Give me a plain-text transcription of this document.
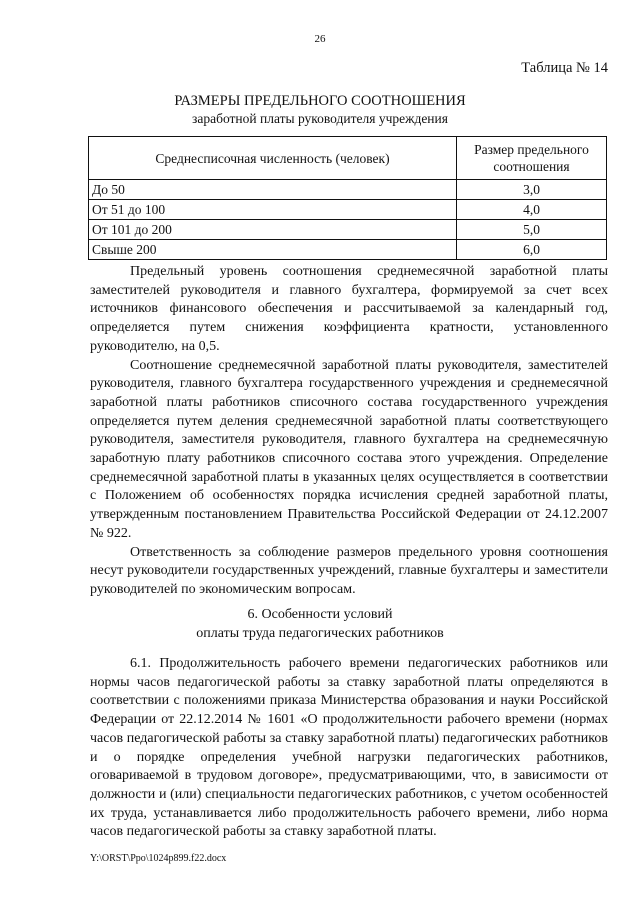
26
Таблица № 14
РАЗМЕРЫ ПРЕДЕЛЬНОГО СООТНОШЕНИЯ
заработной платы руководителя учреждения
Среднесписочная численность (человек)	Размер предельного соотношения
До 50	3,0
От 51 до 100	4,0
От 101 до 200	5,0
Свыше 200	6,0

Предельный уровень соотношения среднемесячной заработной платы заместителей руководителя и главного бухгалтера, формируемой за счет всех источников финансового обеспечения и рассчитываемой за календарный год, определяется путем снижения коэффициента кратности, установленного руководителю, на 0,5.

Соотношение среднемесячной заработной платы руководителя, заместителей руководителя, главного бухгалтера государственного учреждения и среднемесячной заработной платы работников списочного состава государственного учреждения определяется путем деления среднемесячной заработной платы соответствующего руководителя, заместителя руководителя, главного бухгалтера на среднемесячную заработную плату работников списочного состава этого учреждения. Определение среднемесячной заработной платы в указанных целях осуществляется в соответствии с Положением об особенностях порядка исчисления средней заработной платы, утвержденным постановлением Правительства Российской Федерации от 24.12.2007 № 922.

Ответственность за соблюдение размеров предельного уровня соотношения несут руководители государственных учреждений, главные бухгалтеры и заместители руководителей по экономическим вопросам.

6. Особенности условий
оплаты труда педагогических работников

6.1. Продолжительность рабочего времени педагогических работников или нормы часов педагогической работы за ставку заработной платы определяются в соответствии с положениями приказа Министерства образования и науки Российской Федерации от 22.12.2014 № 1601 «О продолжительности рабочего времени (нормах часов педагогической работы за ставку заработной платы) педагогических работников и о порядке определения учебной нагрузки педагогических работников, оговариваемой в трудовом договоре», предусматривающими, что, в зависимости от должности и (или) специальности педагогических работников, с учетом особенностей их труда, устанавливается либо продолжительность рабочего времени, либо норма часов педагогической работы за ставку заработной платы.

Y:\ORST\Ppo\1024p899.f22.docx
